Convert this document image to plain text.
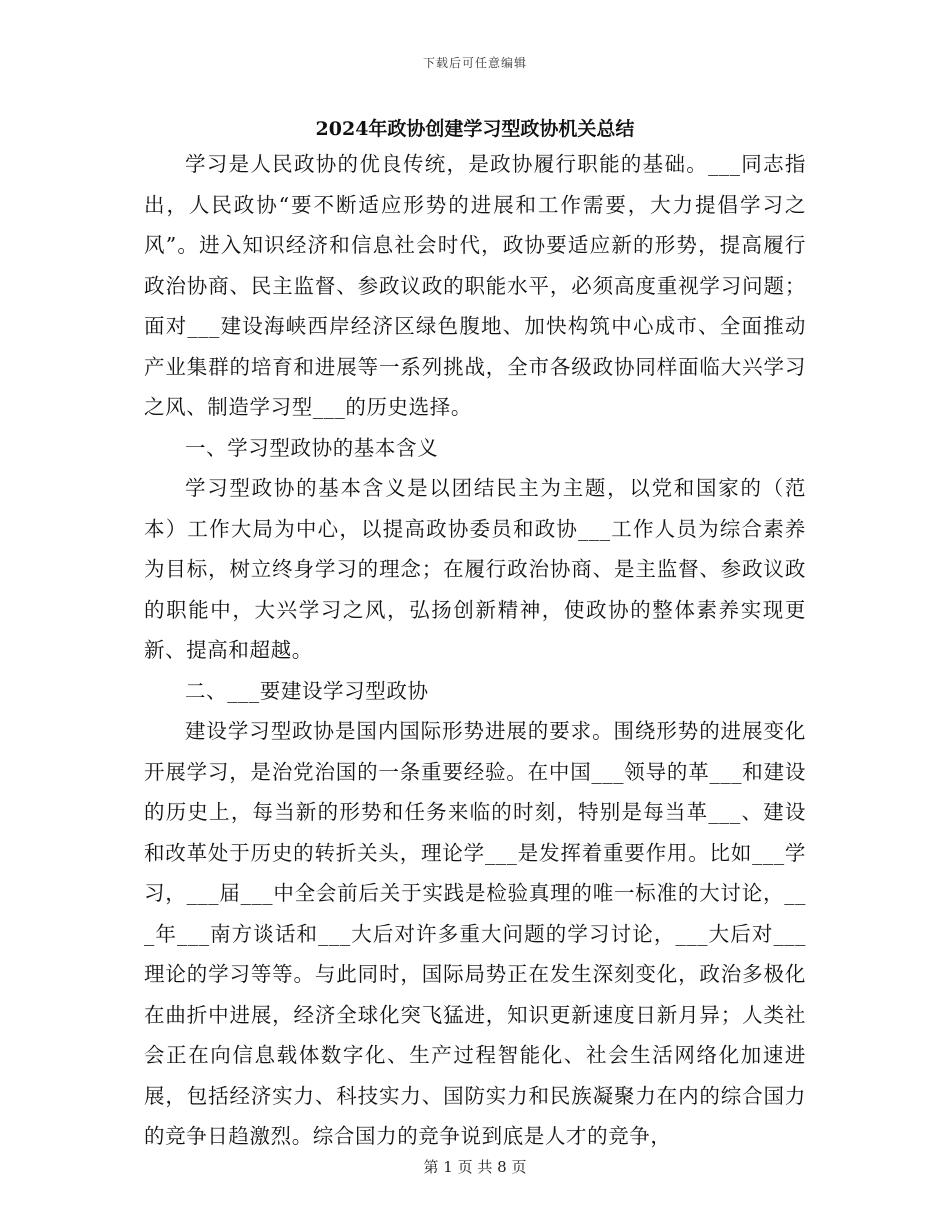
下载后可任意编辑
2024年政协创建学习型政协机关总结

学习是人民政协的优良传统，是政协履行职能的基础。___同志指出，人民政协“要不断适应形势的进展和工作需要，大力提倡学习之风”。进入知识经济和信息社会时代，政协要适应新的形势，提高履行政治协商、民主监督、参政议政的职能水平，必须高度重视学习问题；面对___建设海峡西岸经济区绿色腹地、加快构筑中心成市、全面推动产业集群的培育和进展等一系列挑战，全市各级政协同样面临大兴学习之风、制造学习型___的历史选择。

一、学习型政协的基本含义

学习型政协的基本含义是以团结民主为主题，以党和国家的（范本）工作大局为中心，以提高政协委员和政协___工作人员为综合素养为目标，树立终身学习的理念；在履行政治协商、是主监督、参政议政的职能中，大兴学习之风，弘扬创新精神，使政协的整体素养实现更新、提高和超越。

二、___要建设学习型政协

建设学习型政协是国内国际形势进展的要求。围绕形势的进展变化开展学习，是治党治国的一条重要经验。在中国___领导的革___和建设的历史上，每当新的形势和任务来临的时刻，特别是每当革___、建设和改革处于历史的转折关头，理论学___是发挥着重要作用。比如___学习，___届___中全会前后关于实践是检验真理的唯一标准的大讨论，___年___南方谈话和___大后对许多重大问题的学习讨论，___大后对___理论的学习等等。与此同时，国际局势正在发生深刻变化，政治多极化在曲折中进展，经济全球化突飞猛进，知识更新速度日新月异；人类社会正在向信息载体数字化、生产过程智能化、社会生活网络化加速进展，包括经济实力、科技实力、国防实力和民族凝聚力在内的综合国力的竞争日趋激烈。综合国力的竞争说到底是人才的竞争，

第 1 页 共 8 页
